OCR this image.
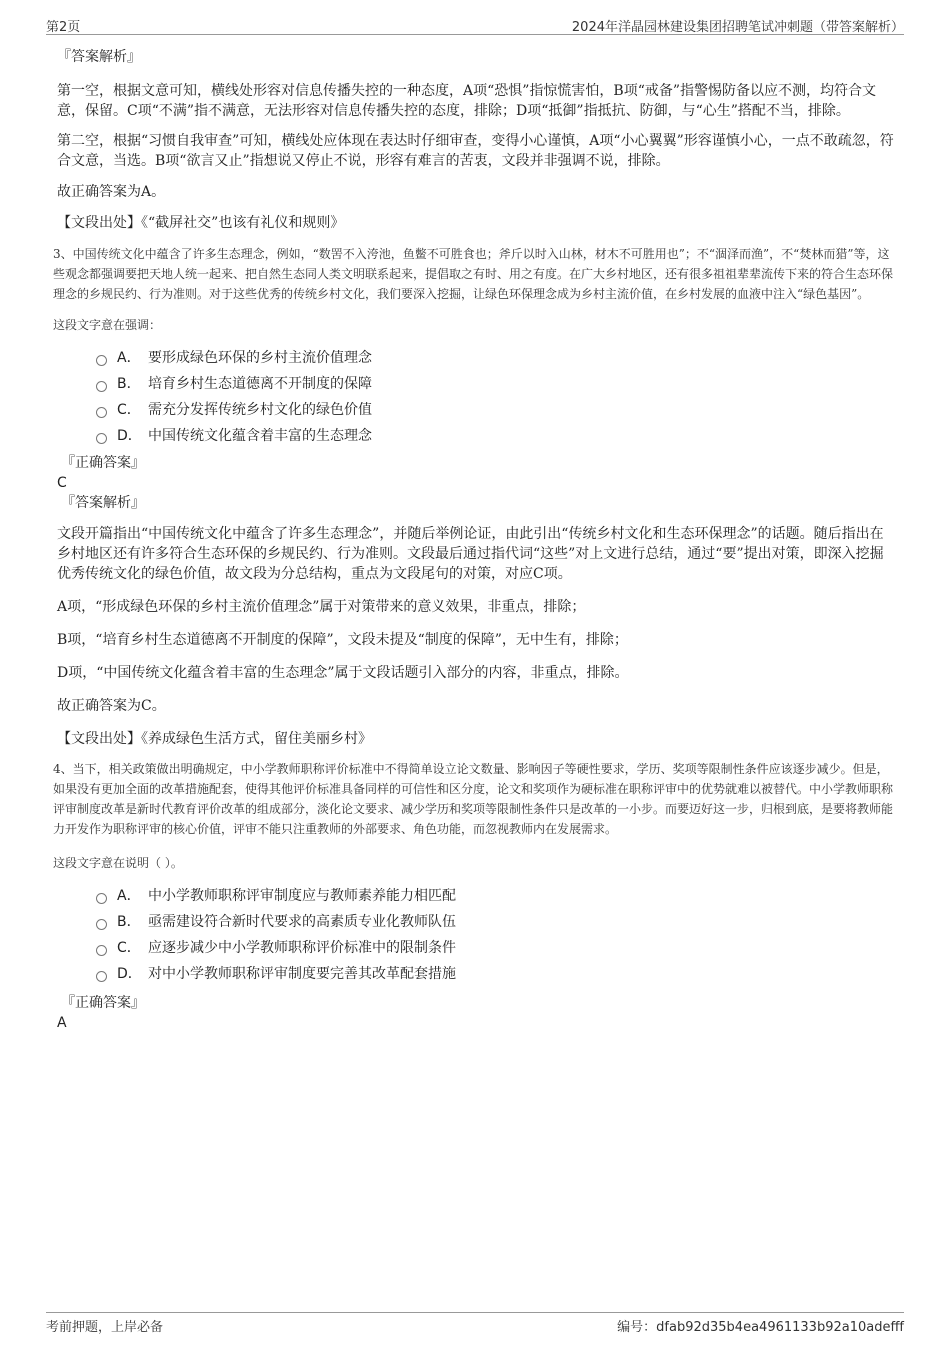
第2页	2024年洋晶园林建设集团招聘笔试冲刺题（带答案解析）
『答案解析』

第一空，根据文意可知，横线处形容对信息传播失控的一种态度，A项“恐惧”指惊慌害怕，B项“戒备”指警惕防备以应不测，均符合文意，保留。C项“不满”指不满意，无法形容对信息传播失控的态度，排除；D项“抵御”指抵抗、防御，与“心生”搭配不当，排除。

第二空，根据“习惯自我审查”可知，横线处应体现在表达时仔细审查，变得小心谨慎，A项“小心翼翼”形容谨慎小心，一点不敢疏忽，符合文意，当选。B项“欲言又止”指想说又停止不说，形容有难言的苦衷，文段并非强调不说，排除。

故正确答案为A。

【文段出处】《“截屏社交”也该有礼仪和规则》

3、中国传统文化中蕴含了许多生态理念，例如，“数罟不入洿池，鱼鳖不可胜食也；斧斤以时入山林，材木不可胜用也”；不“涸泽而渔”，不“焚林而猎”等，这些观念都强调要把天地人统一起来、把自然生态同人类文明联系起来，提倡取之有时、用之有度。在广大乡村地区，还有很多祖祖辈辈流传下来的符合生态环保理念的乡规民约、行为准则。对于这些优秀的传统乡村文化，我们要深入挖掘，让绿色环保理念成为乡村主流价值，在乡村发展的血液中注入“绿色基因”。

这段文字意在强调：

A． 要形成绿色环保的乡村主流价值理念
B． 培育乡村生态道德离不开制度的保障
C． 需充分发挥传统乡村文化的绿色价值
D． 中国传统文化蕴含着丰富的生态理念
『正确答案』
C
『答案解析』

文段开篇指出“中国传统文化中蕴含了许多生态理念”，并随后举例论证，由此引出“传统乡村文化和生态环保理念”的话题。随后指出在乡村地区还有许多符合生态环保的乡规民约、行为准则。文段最后通过指代词“这些”对上文进行总结，通过“要”提出对策，即深入挖掘优秀传统文化的绿色价值，故文段为分总结构，重点为文段尾句的对策，对应C项。

A项，“形成绿色环保的乡村主流价值理念”属于对策带来的意义效果，非重点，排除；

B项，“培育乡村生态道德离不开制度的保障”，文段未提及“制度的保障”，无中生有，排除；

D项，“中国传统文化蕴含着丰富的生态理念”属于文段话题引入部分的内容，非重点，排除。

故正确答案为C。

【文段出处】《养成绿色生活方式，留住美丽乡村》

4、当下，相关政策做出明确规定，中小学教师职称评价标准中不得简单设立论文数量、影响因子等硬性要求，学历、奖项等限制性条件应该逐步减少。但是，如果没有更加全面的改革措施配套，使得其他评价标准具备同样的可信性和区分度，论文和奖项作为硬标准在职称评审中的优势就难以被替代。中小学教师职称评审制度改革是新时代教育评价改革的组成部分，淡化论文要求、减少学历和奖项等限制性条件只是改革的一小步。而要迈好这一步，归根到底，是要将教师能力开发作为职称评审的核心价值，评审不能只注重教师的外部要求、角色功能，而忽视教师内在发展需求。

这段文字意在说明（ ）。

A． 中小学教师职称评审制度应与教师素养能力相匹配
B． 亟需建设符合新时代要求的高素质专业化教师队伍
C． 应逐步减少中小学教师职称评价标准中的限制条件
D． 对中小学教师职称评审制度要完善其改革配套措施
『正确答案』
A
考前押题，上岸必备	编号：dfab92d35b4ea4961133b92a10adefff
